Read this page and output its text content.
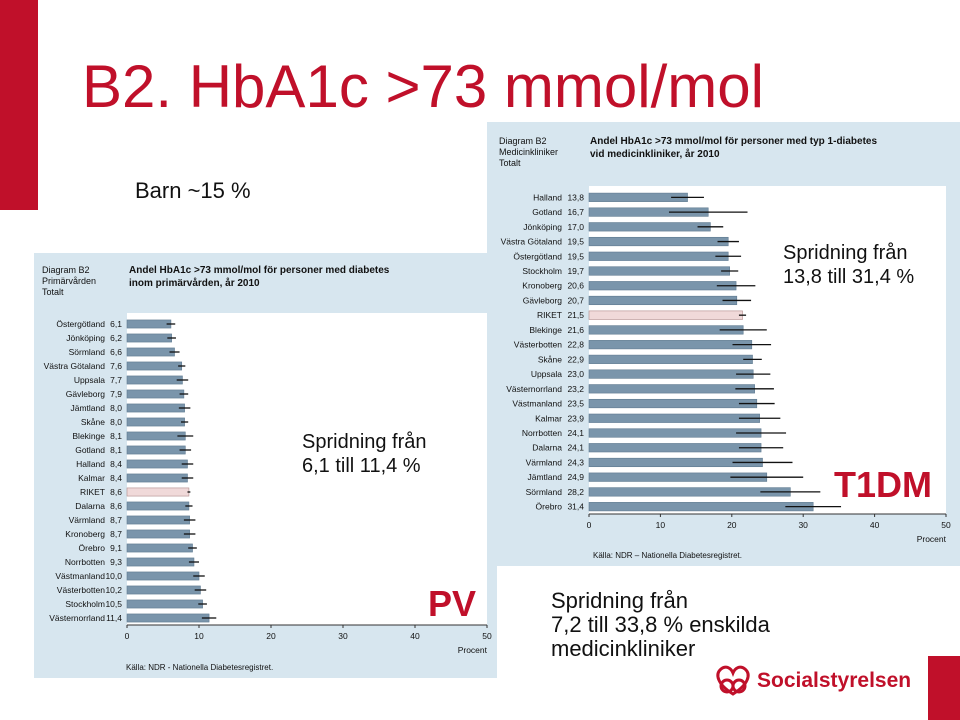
B2. HbA1c >73 mmol/mol
Barn ~15 %
Diagram B2
Primärvården
Totalt
Andel HbA1c >73 mmol/mol för personer med diabetes
inom primärvården, år 2010
Östergötland 6,1
Jönköping 6,2
Sörmland 6,6
Västra Götaland 7,6
Uppsala 7,7
Gävleborg 7,9
Jämtland 8,0
Skåne 8,0
Blekinge 8,1
Gotland 8,1
Halland 8,4
Kalmar 8,4
RIKET 8,6
Dalarna 8,6
Värmland 8,7
Kronoberg 8,7
Örebro 9,1
Norrbotten 9,3
Västmanland 10,0
Västerbotten 10,2
Stockholm 10,5
Västernorrland 11,4
0	10	20	30	40	50
Procent
Källa: NDR - Nationella Diabetesregistret.
Diagram B2
Medicinkliniker
Totalt
Andel HbA1c >73 mmol/mol för personer med typ 1-diabetes
vid medicinkliniker, år 2010
Halland 13,8
Gotland 16,7
Jönköping 17,0
Västra Götaland 19,5
Östergötland 19,5
Stockholm 19,7
Kronoberg 20,6
Gävleborg 20,7
RIKET 21,5
Blekinge 21,6
Västerbotten 22,8
Skåne 22,9
Uppsala 23,0
Västernorrland 23,2
Västmanland 23,5
Kalmar 23,9
Norrbotten 24,1
Dalarna 24,1
Värmland 24,3
Jämtland 24,9
Sörmland 28,2
Örebro 31,4
0	10	20	30	40	50
Procent
Källa: NDR – Nationella Diabetesregistret.
Spridning från
6,1 till 11,4 %
Spridning från
13,8 till 31,4 %
PV
T1DM
Spridning från
7,2 till 33,8 % enskilda
medicinkliniker
Socialstyrelsen
